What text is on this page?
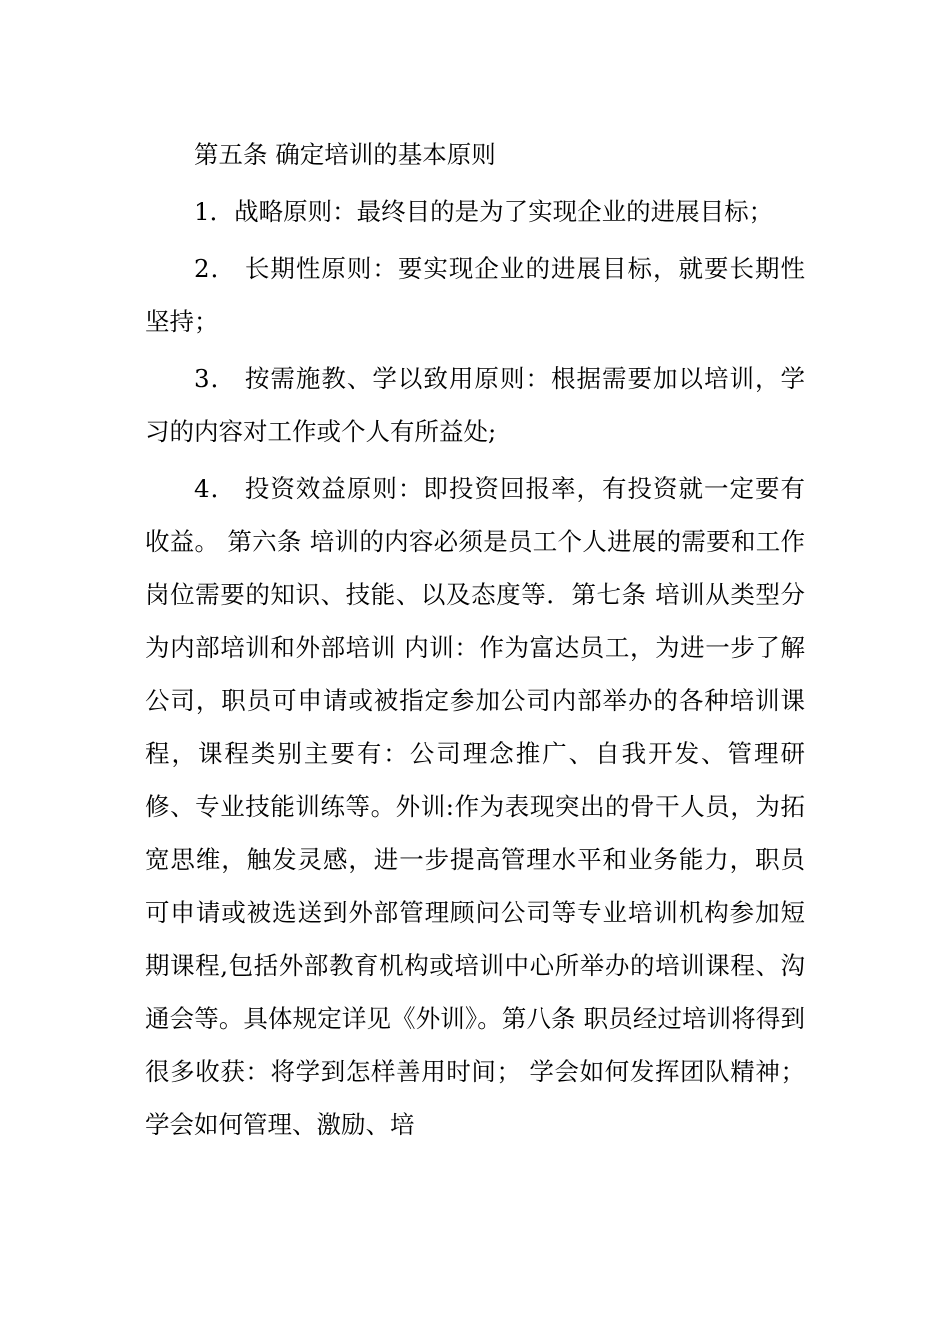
第五条 确定培训的基本原则

1．战略原则：最终目的是为了实现企业的进展目标；

2． 长期性原则：要实现企业的进展目标，就要长期性坚持；

3． 按需施教、学以致用原则：根据需要加以培训，学习的内容对工作或个人有所益处;

4． 投资效益原则：即投资回报率，有投资就一定要有收益。 第六条 培训的内容必须是员工个人进展的需要和工作岗位需要的知识、技能、以及态度等．第七条 培训从类型分为内部培训和外部培训 内训：作为富达员工，为进一步了解公司，职员可申请或被指定参加公司内部举办的各种培训课程，课程类别主要有：公司理念推广、自我开发、管理研修、专业技能训练等。外训:作为表现突出的骨干人员，为拓宽思维，触发灵感，进一步提高管理水平和业务能力，职员可申请或被选送到外部管理顾问公司等专业培训机构参加短期课程,包括外部教育机构或培训中心所举办的培训课程、沟通会等。具体规定详见《外训》。第八条 职员经过培训将得到很多收获：将学到怎样善用时间； 学会如何发挥团队精神； 学会如何管理、激励、培
